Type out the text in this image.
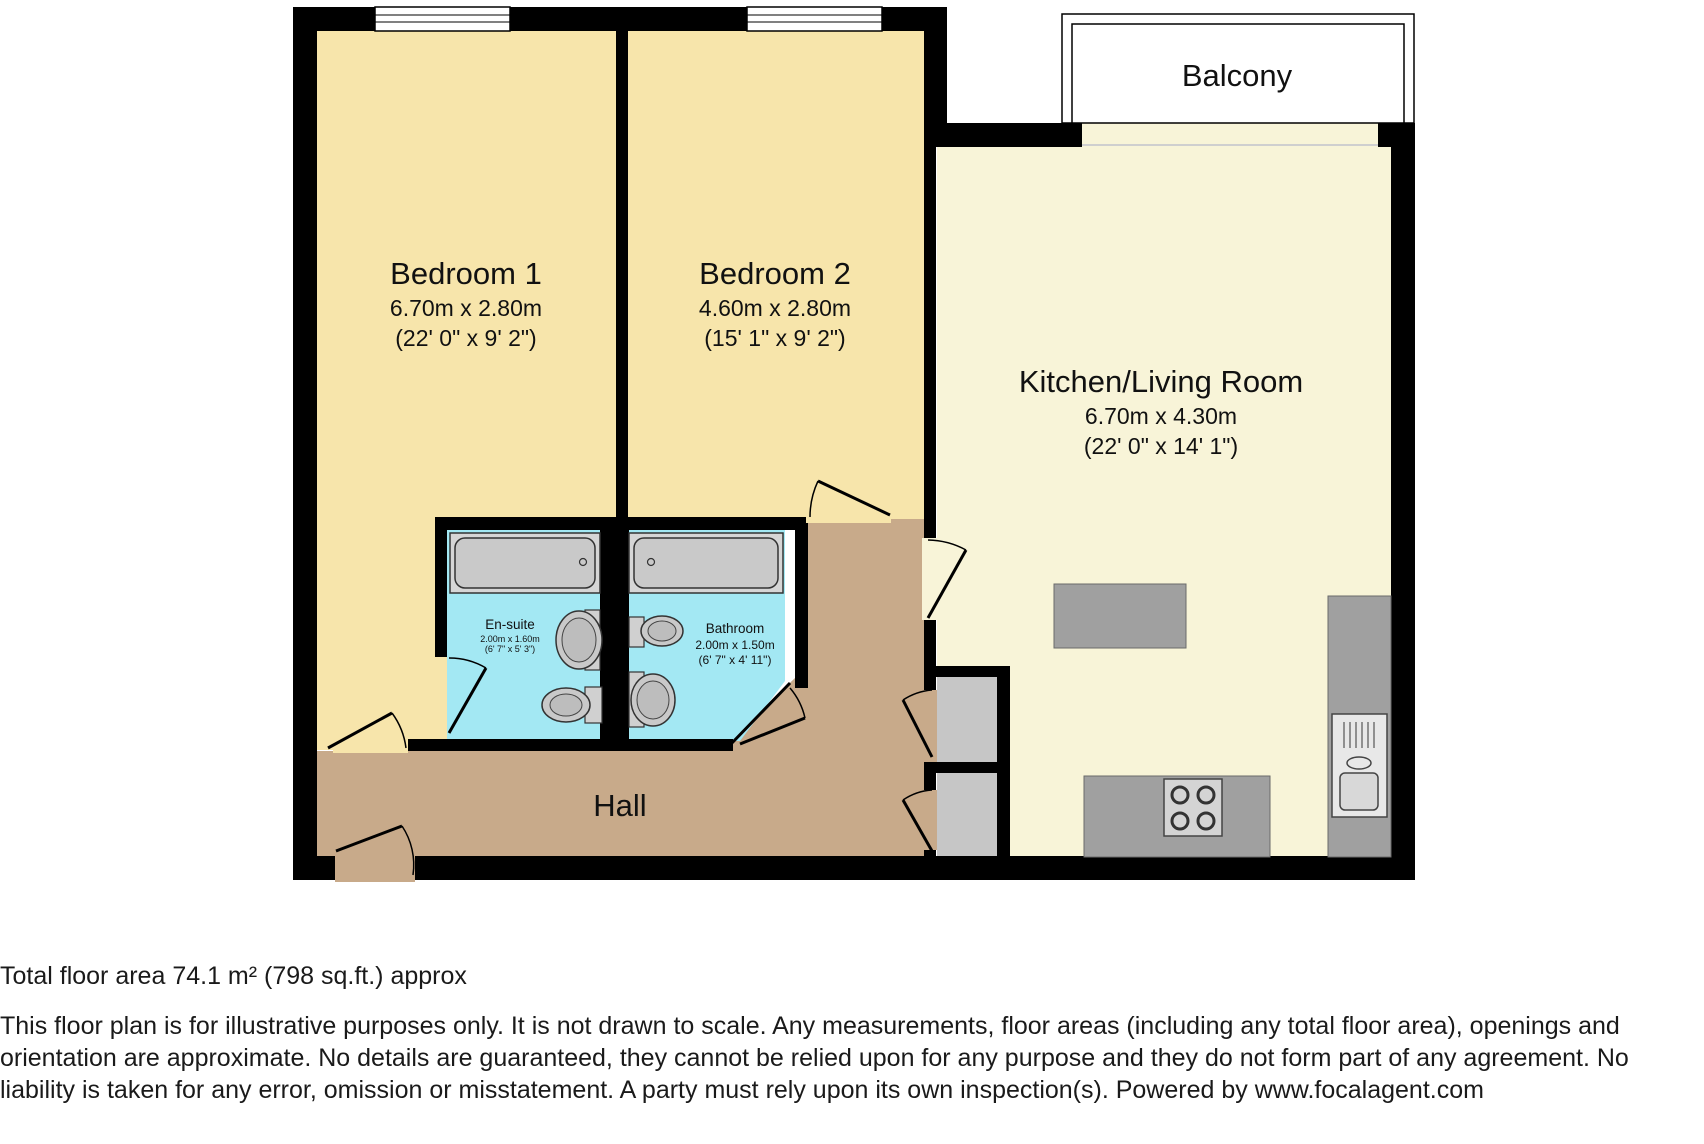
Bedroom 1
6.70m x 2.80m
(22' 0" x 9' 2")
Bedroom 2
4.60m x 2.80m
(15' 1" x 9' 2")
Kitchen/Living Room
6.70m x 4.30m
(22' 0" x 14' 1")
En-suite
2.00m x 1.60m
(6' 7" x 5' 3")
Bathroom
2.00m x 1.50m
(6' 7" x 4' 11")
Hall
Balcony
Total floor area 74.1 m² (798 sq.ft.) approx
This floor plan is for illustrative purposes only. It is not drawn to scale. Any measurements, floor areas (including any total floor area), openings and orientation are approximate. No details are guaranteed, they cannot be relied upon for any purpose and they do not form part of any agreement. No liability is taken for any error, omission or misstatement. A party must rely upon its own inspection(s). Powered by www.focalagent.com
